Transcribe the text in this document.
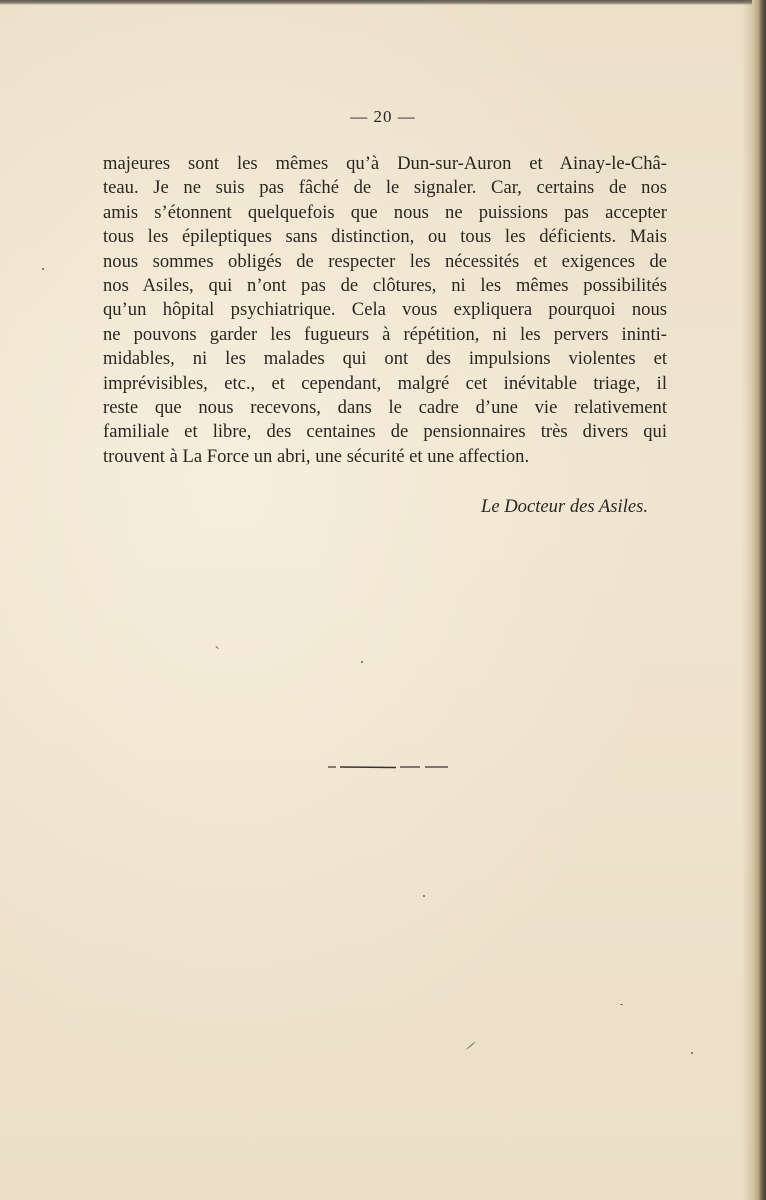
— 20 —

majeures sont les mêmes qu’à Dun-sur-Auron et Ainay-le-Châ-
teau. Je ne suis pas fâché de le signaler. Car, certains de nos
amis s’étonnent quelquefois que nous ne puissions pas accepter
tous les épileptiques sans distinction, ou tous les déficients. Mais
nous sommes obligés de respecter les nécessités et exigences de
nos Asiles, qui n’ont pas de clôtures, ni les mêmes possibilités
qu’un hôpital psychiatrique. Cela vous expliquera pourquoi nous
ne pouvons garder les fugueurs à répétition, ni les pervers ininti-
midables, ni les malades qui ont des impulsions violentes et
imprévisibles, etc., et cependant, malgré cet inévitable triage, il
reste que nous recevons, dans le cadre d’une vie relativement
familiale et libre, des centaines de pensionnaires très divers qui
trouvent à La Force un abri, une sécurité et une affection.

Le Docteur des Asiles.
